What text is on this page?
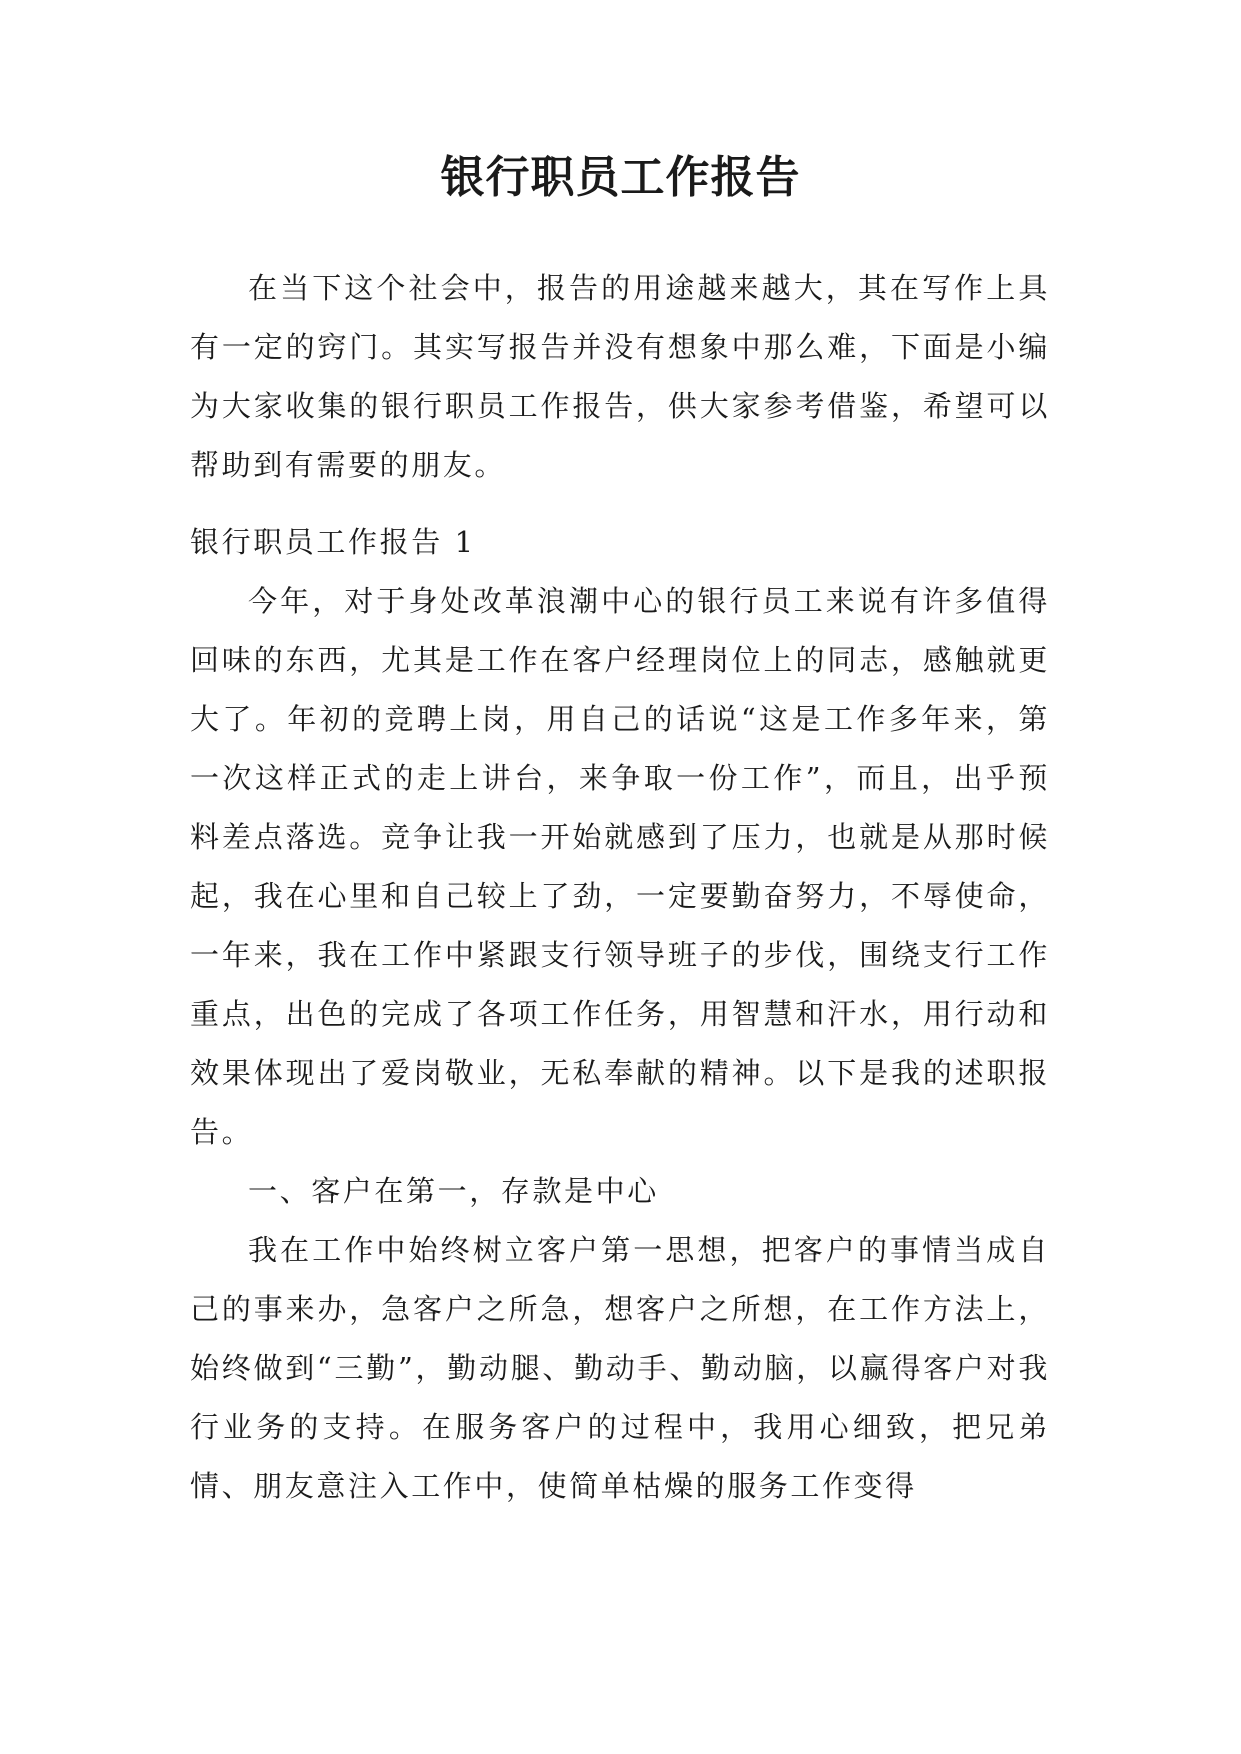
银行职员工作报告

在当下这个社会中，报告的用途越来越大，其在写作上具有一定的窍门。其实写报告并没有想象中那么难，下面是小编为大家收集的银行职员工作报告，供大家参考借鉴，希望可以帮助到有需要的朋友。

银行职员工作报告 1

今年，对于身处改革浪潮中心的银行员工来说有许多值得回味的东西，尤其是工作在客户经理岗位上的同志，感触就更大了。年初的竞聘上岗，用自己的话说“这是工作多年来，第一次这样正式的走上讲台，来争取一份工作”，而且，出乎预料差点落选。竞争让我一开始就感到了压力，也就是从那时候起，我在心里和自己较上了劲，一定要勤奋努力，不辱使命，一年来，我在工作中紧跟支行领导班子的步伐，围绕支行工作重点，出色的完成了各项工作任务，用智慧和汗水，用行动和效果体现出了爱岗敬业，无私奉献的精神。以下是我的述职报告。

一、客户在第一，存款是中心

我在工作中始终树立客户第一思想，把客户的事情当成自己的事来办，急客户之所急，想客户之所想，在工作方法上，始终做到“三勤”，勤动腿、勤动手、勤动脑，以赢得客户对我行业务的支持。在服务客户的过程中，我用心细致，把兄弟情、朋友意注入工作中，使简单枯燥的服务工作变得
